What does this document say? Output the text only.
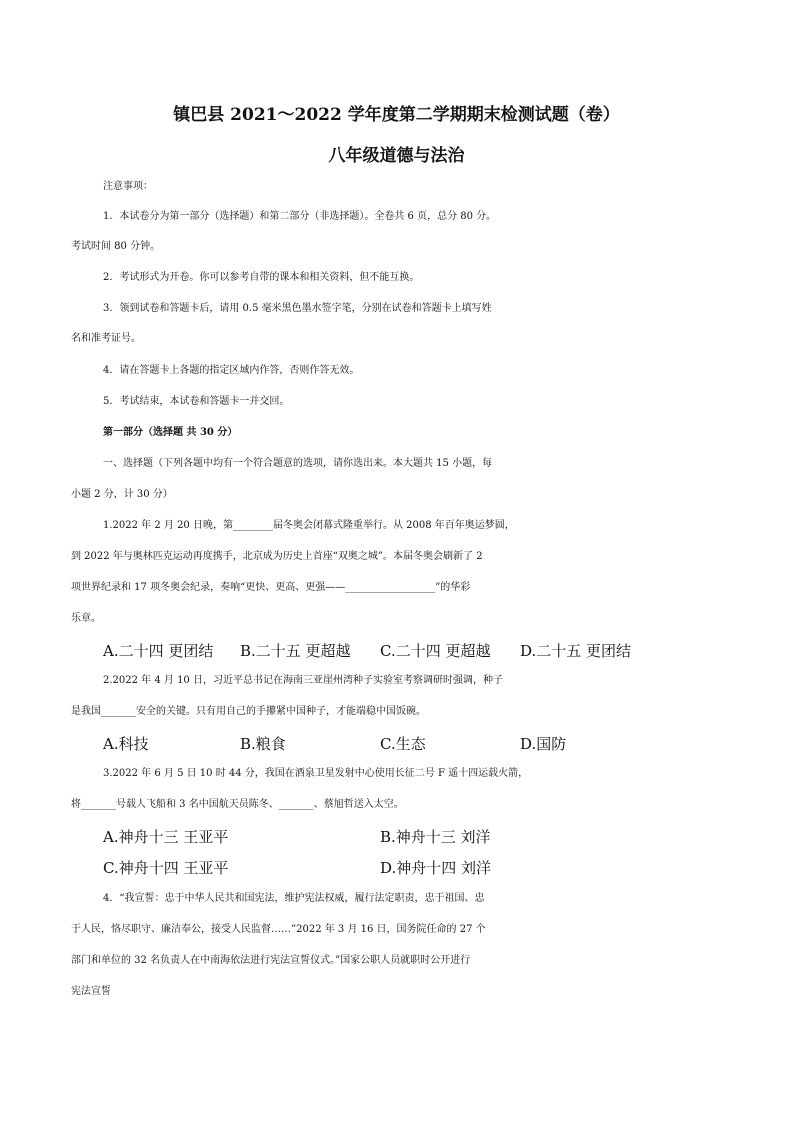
镇巴县 2021～2022 学年度第二学期期末检测试题（卷）
八年级道德与法治
注意事项：
1．本试卷分为第一部分（选择题）和第二部分（非选择题）。全卷共 6 页，总分 80 分。
考试时间 80 分钟。
2．考试形式为开卷。你可以参考自带的课本和相关资料，但不能互换。
3．领到试卷和答题卡后，请用 0.5 毫米黑色墨水签字笔，分别在试卷和答题卡上填写姓
名和准考证号。
4．请在答题卡上各题的指定区域内作答，否则作答无效。
5．考试结束，本试卷和答题卡一并交回。
第一部分（选择题 共 30 分）
一、选择题（下列各题中均有一个符合题意的选项，请你选出来。本大题共 15 小题，每
小题 2 分，计 30 分）
1.2022 年 2 月 20 日晚，第________届冬奥会闭幕式隆重举行。从 2008 年百年奥运梦圆，
到 2022 年与奥林匹克运动再度携手，北京成为历史上首座“双奥之城”。本届冬奥会刷新了 2
项世界纪录和 17 项冬奥会纪录，奏响“更快、更高、更强——__________________”的华彩
乐章。
A.二十四 更团结 B.二十五 更超越 C.二十四 更超越 D.二十五 更团结
2.2022 年 4 月 10 日，习近平总书记在海南三亚崖州湾种子实验室考察调研时强调，种子
是我国_______安全的关键。只有用自己的手攥紧中国种子，才能端稳中国饭碗。
A.科技	B.粮食	C.生态	D.国防
3.2022 年 6 月 5 日 10 时 44 分，我国在酒泉卫星发射中心使用长征二号 F 遥十四运载火箭，
将_______号载人飞船和 3 名中国航天员陈冬、_______、蔡旭哲送入太空。
A.神舟十三 王亚平	B.神舟十三 刘洋
C.神舟十四 王亚平	D.神舟十四 刘洋
4．“我宣誓：忠于中华人民共和国宪法，维护宪法权威，履行法定职责，忠于祖国、忠
于人民，恪尽职守、廉洁奉公，接受人民监督……”2022 年 3 月 16 日，国务院任命的 27 个
部门和单位的 32 名负责人在中南海依法进行宪法宣誓仪式。”国家公职人员就职时公开进行
宪法宣誓
